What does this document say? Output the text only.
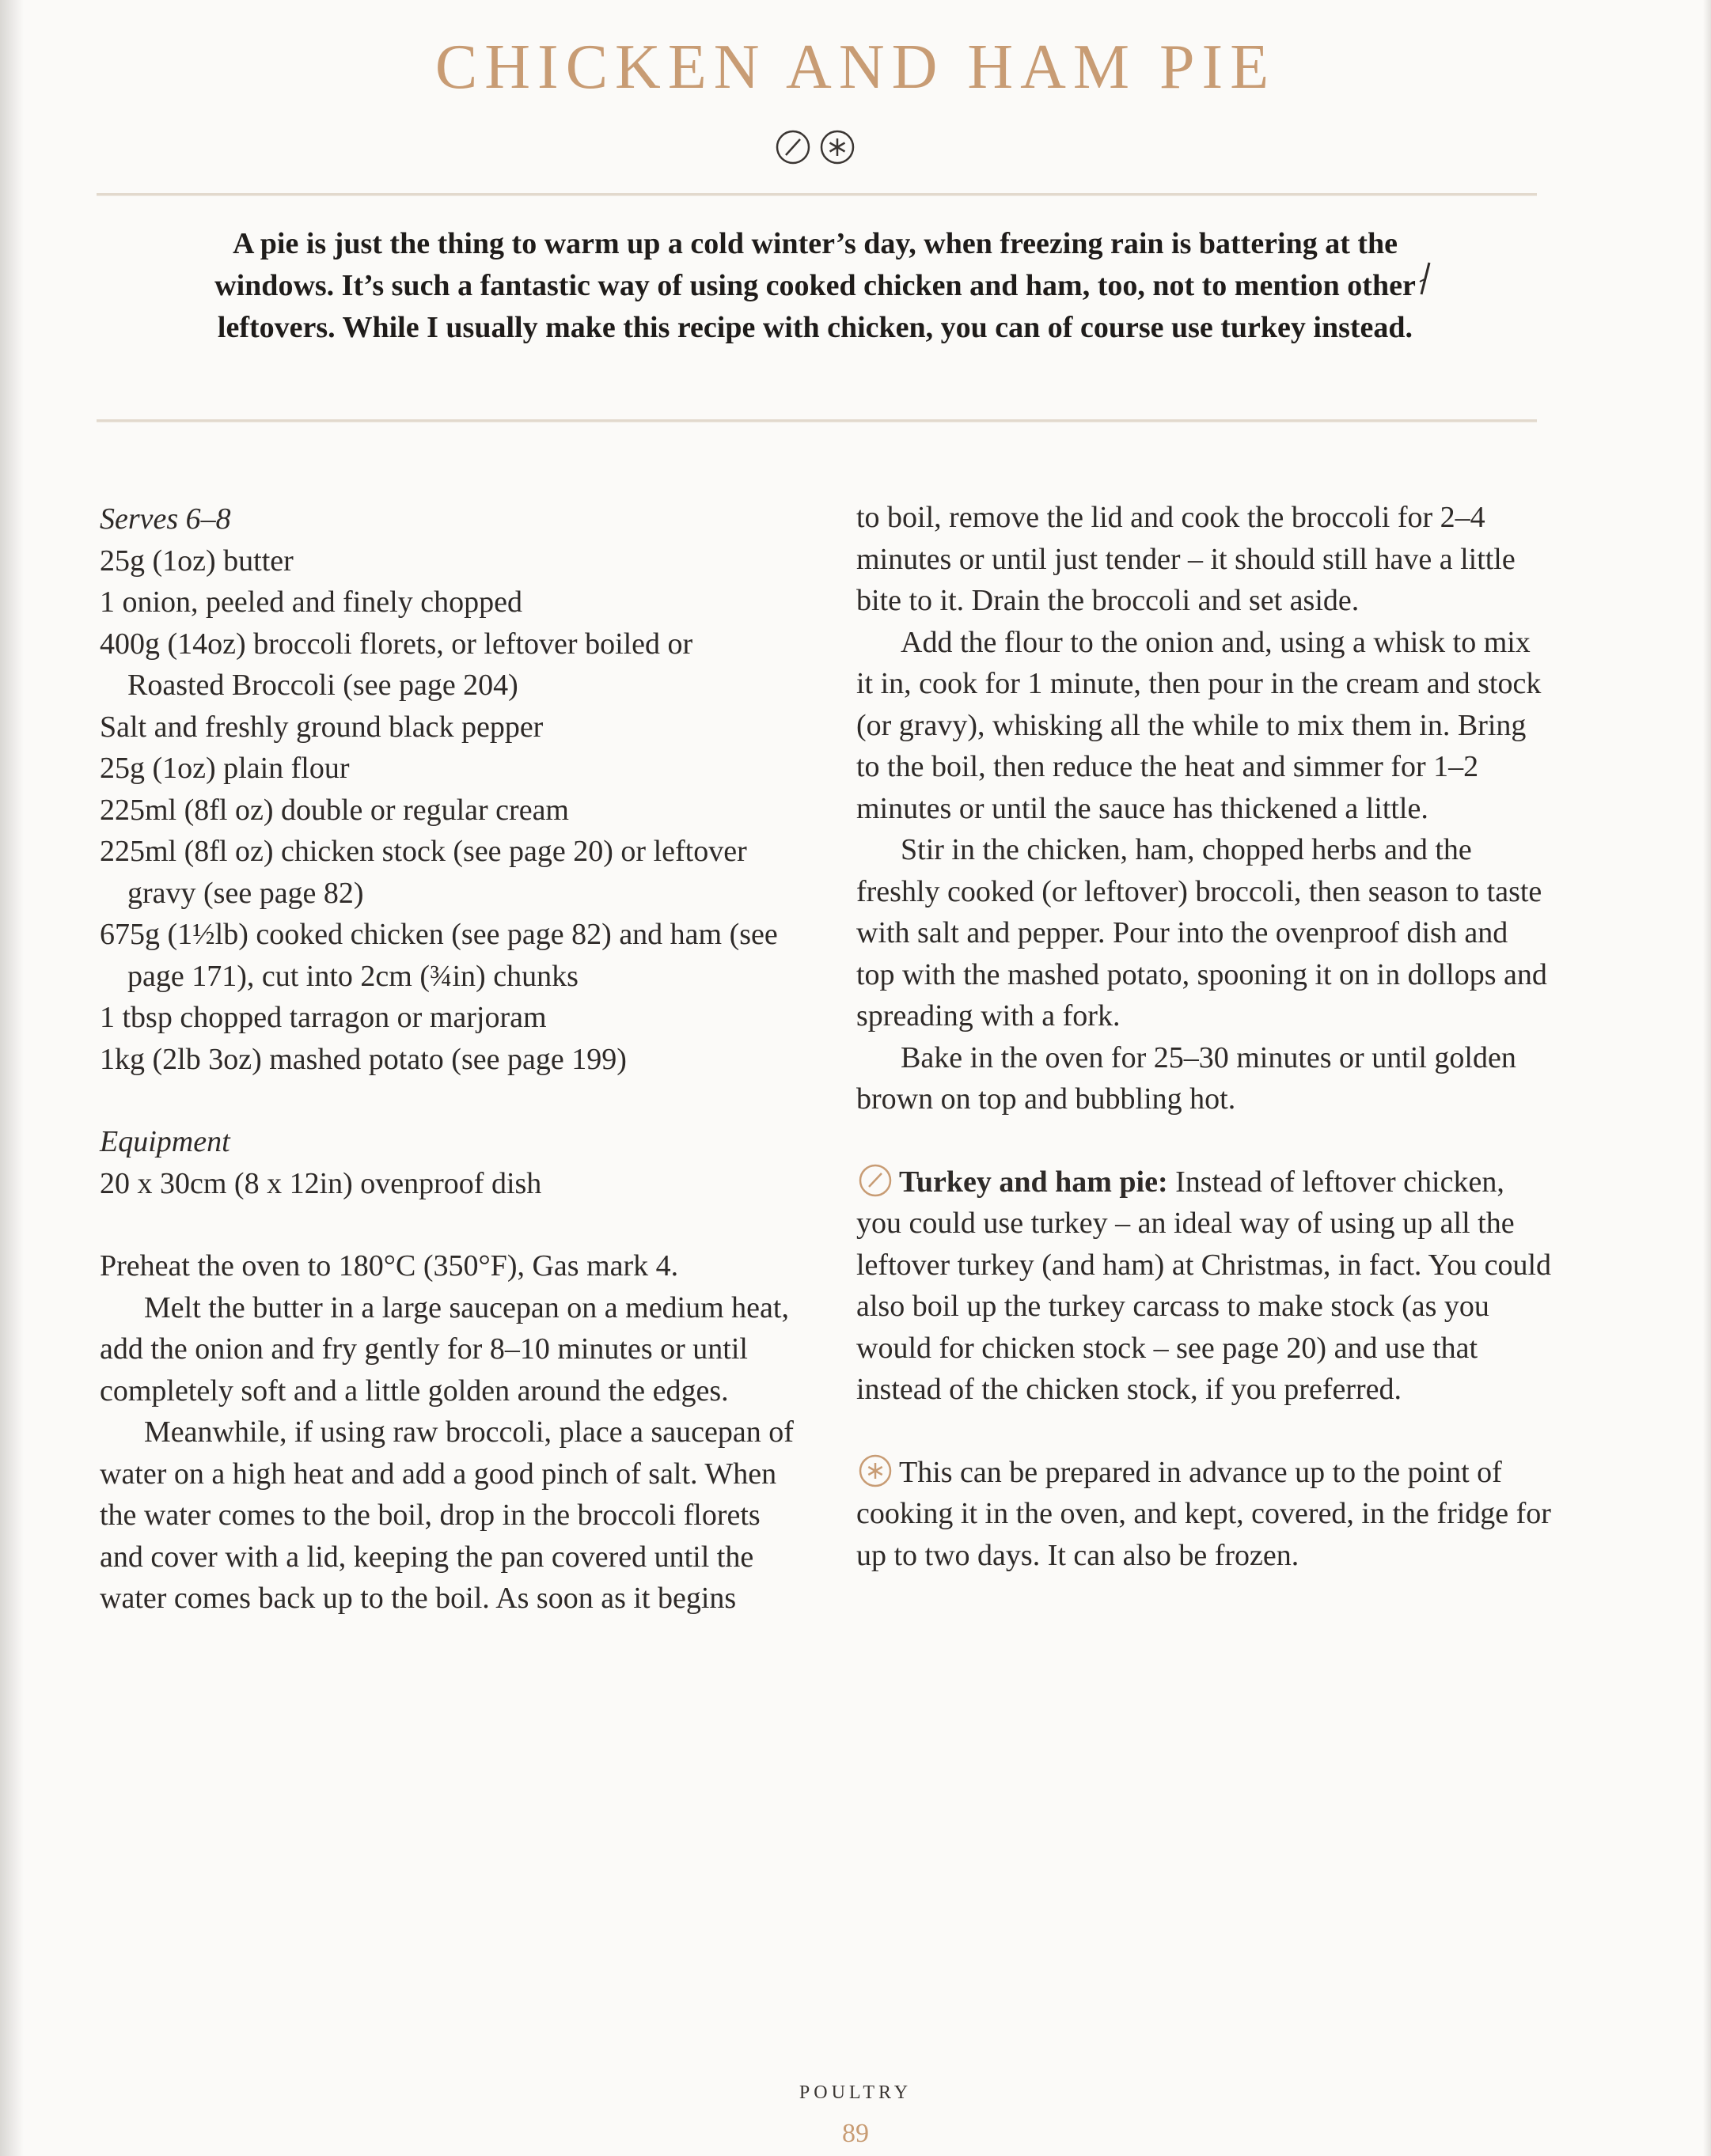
CHICKEN AND HAM PIE

A pie is just the thing to warm up a cold winter’s day, when freezing rain is battering at the windows. It’s such a fantastic way of using cooked chicken and ham, too, not to mention other leftovers. While I usually make this recipe with chicken, you can of course use turkey instead.

Serves 6–8

25g (1oz) butter

1 onion, peeled and finely chopped

400g (14oz) broccoli florets, or leftover boiled or Roasted Broccoli (see page 204)

Salt and freshly ground black pepper

25g (1oz) plain flour

225ml (8fl oz) double or regular cream

225ml (8fl oz) chicken stock (see page 20) or leftover gravy (see page 82)

675g (1½lb) cooked chicken (see page 82) and ham (see page 171), cut into 2cm (¾in) chunks

1 tbsp chopped tarragon or marjoram

1kg (2lb 3oz) mashed potato (see page 199)

Equipment

20 x 30cm (8 x 12in) ovenproof dish

Preheat the oven to 180°C (350°F), Gas mark 4.

Melt the butter in a large saucepan on a medium heat, add the onion and fry gently for 8–10 minutes or until completely soft and a little golden around the edges.

Meanwhile, if using raw broccoli, place a saucepan of water on a high heat and add a good pinch of salt. When the water comes to the boil, drop in the broccoli florets and cover with a lid, keeping the pan covered until the water comes back up to the boil. As soon as it begins

to boil, remove the lid and cook the broccoli for 2–4 minutes or until just tender – it should still have a little bite to it. Drain the broccoli and set aside.

Add the flour to the onion and, using a whisk to mix it in, cook for 1 minute, then pour in the cream and stock (or gravy), whisking all the while to mix them in. Bring to the boil, then reduce the heat and simmer for 1–2 minutes or until the sauce has thickened a little.

Stir in the chicken, ham, chopped herbs and the freshly cooked (or leftover) broccoli, then season to taste with salt and pepper. Pour into the ovenproof dish and top with the mashed potato, spooning it on in dollops and spreading with a fork.

Bake in the oven for 25–30 minutes or until golden brown on top and bubbling hot.

Turkey and ham pie: Instead of leftover chicken, you could use turkey – an ideal way of using up all the leftover turkey (and ham) at Christmas, in fact. You could also boil up the turkey carcass to make stock (as you would for chicken stock – see page 20) and use that instead of the chicken stock, if you preferred.

This can be prepared in advance up to the point of cooking it in the oven, and kept, covered, in the fridge for up to two days. It can also be frozen.

POULTRY
89
